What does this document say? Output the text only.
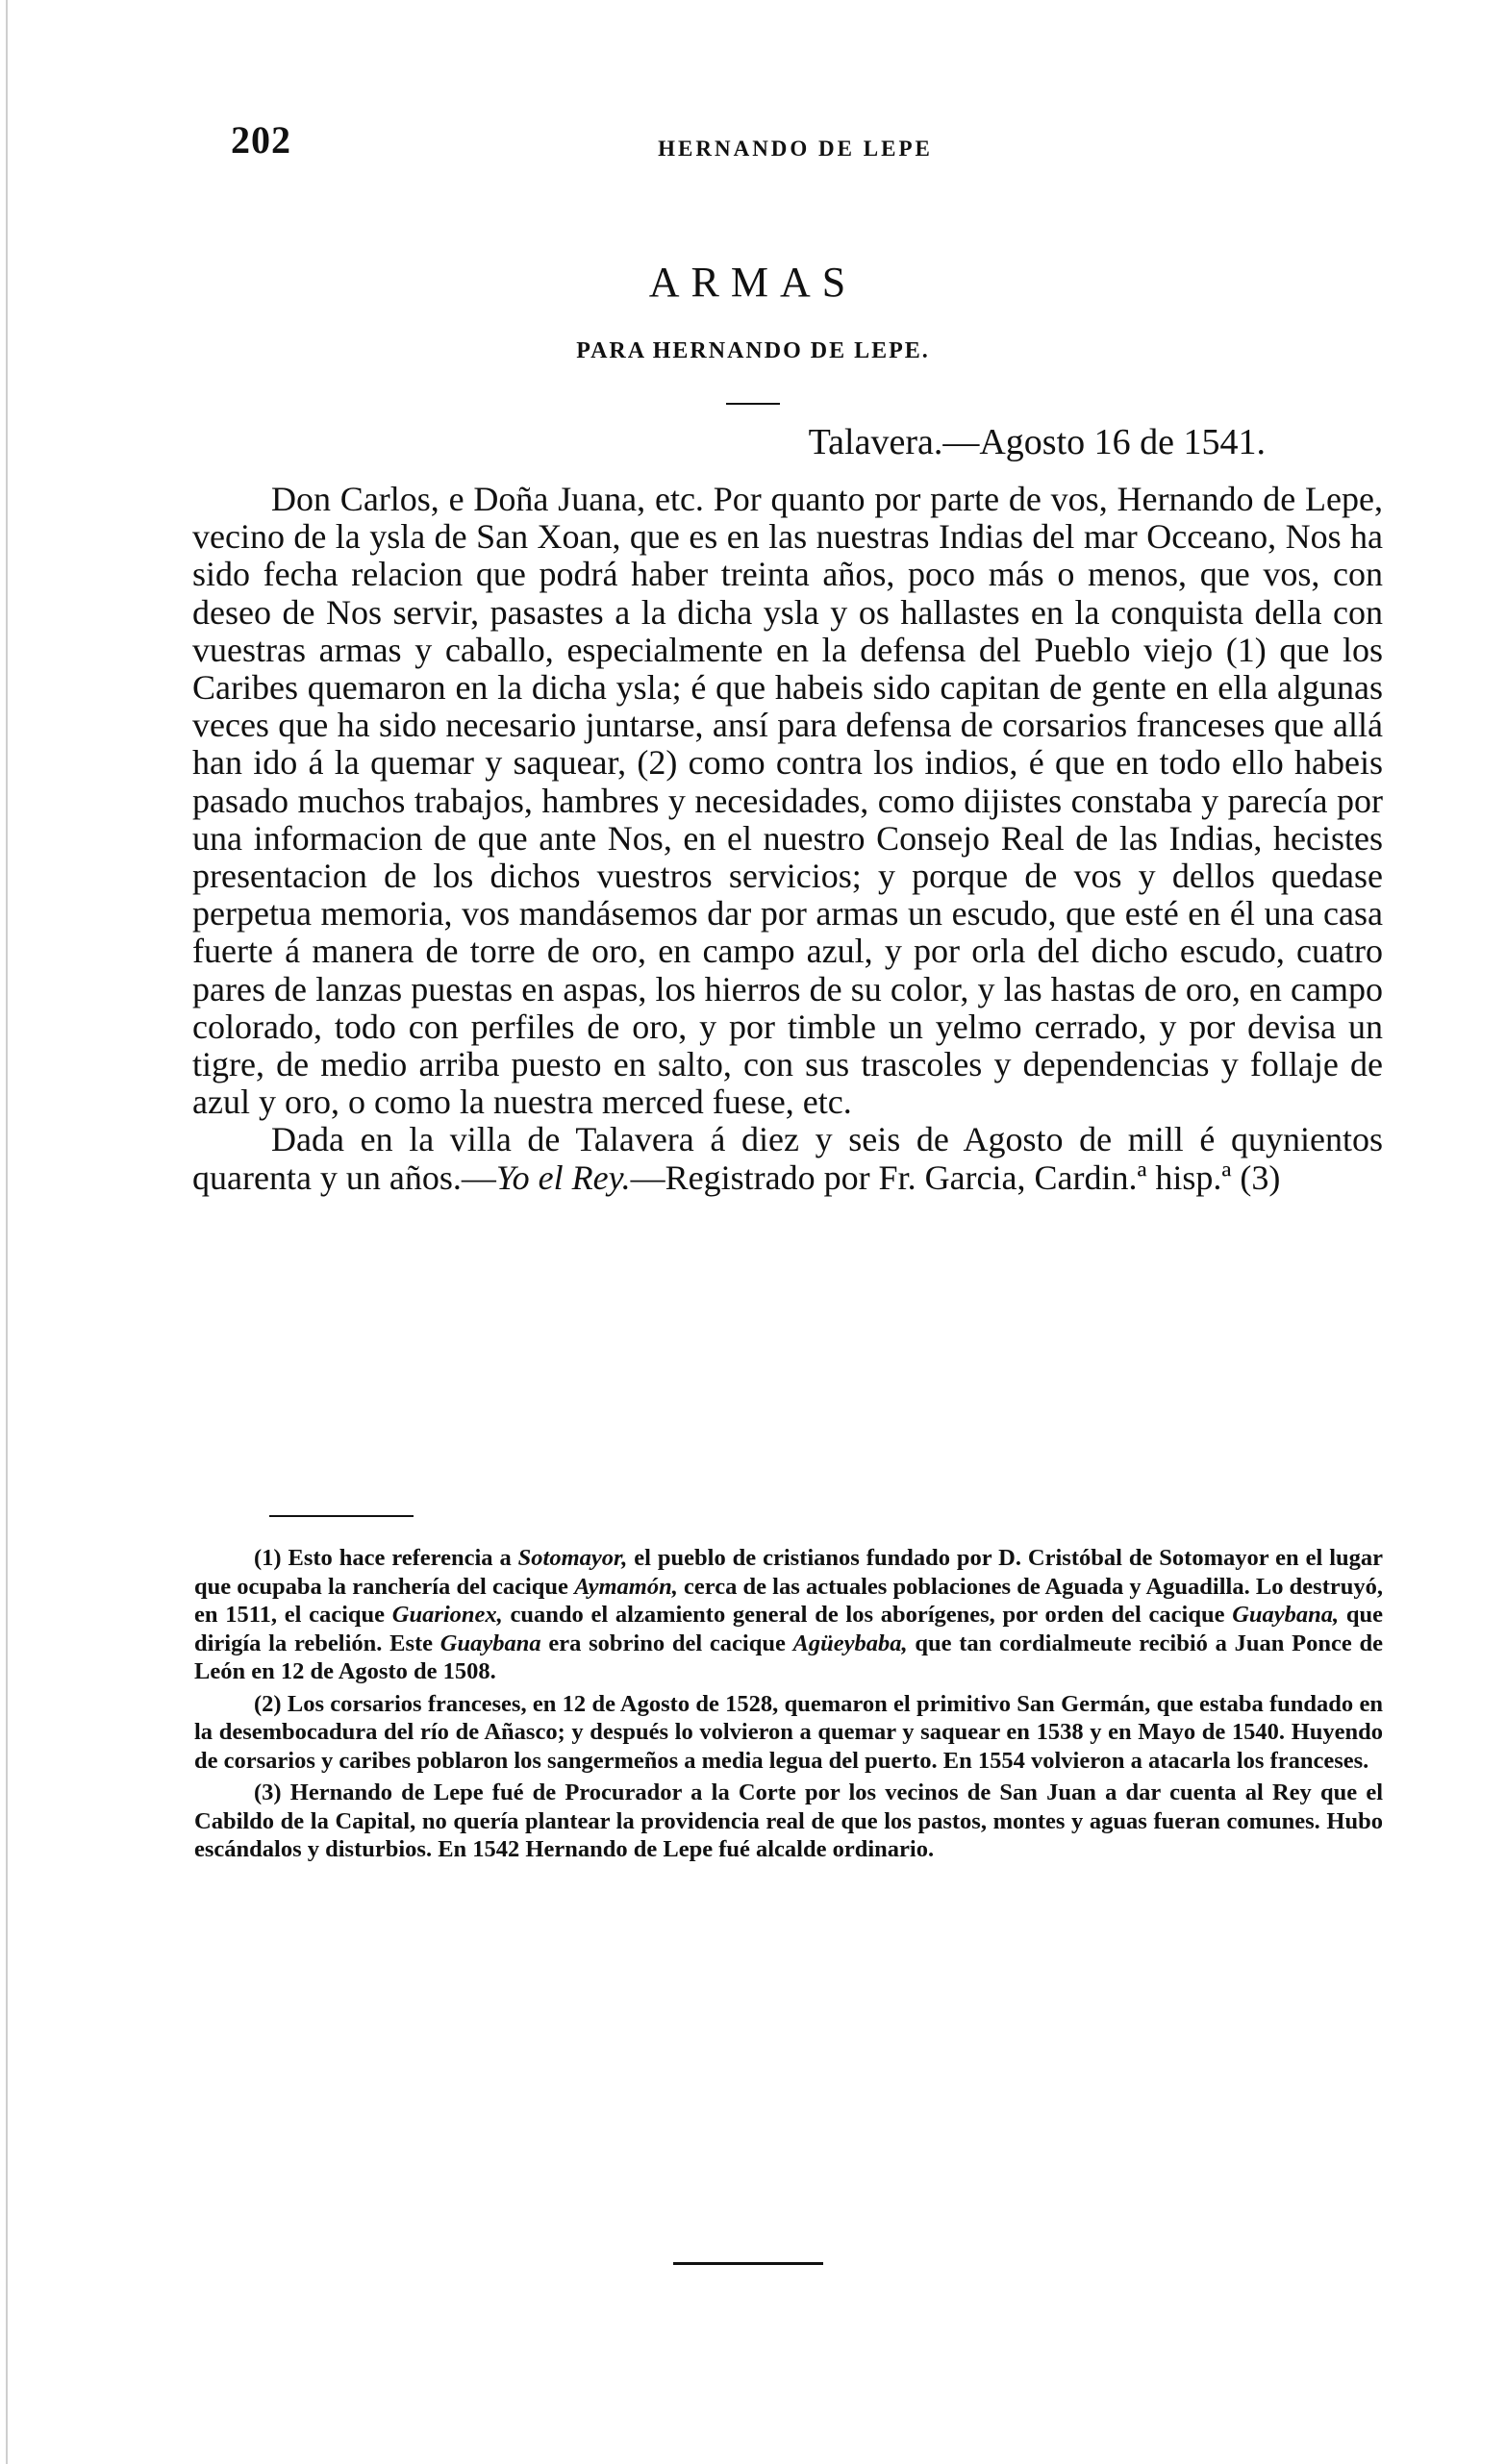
202	HERNANDO DE LEPE
ARMAS
PARA HERNANDO DE LEPE.
Talavera.—Agosto 16 de 1541.

Don Carlos, e Doña Juana, etc. Por quanto por parte de vos, Hernando de Lepe, vecino de la ysla de San Xoan, que es en las nuestras Indias del mar Occeano, Nos ha sido fecha relacion que podrá haber treinta años, poco más o menos, que vos, con deseo de Nos servir, pasastes a la dicha ysla y os hallastes en la conquista della con vuestras armas y caballo, especialmente en la defensa del Pueblo viejo (1) que los Caribes quemaron en la dicha ysla; é que habeis sido capitan de gente en ella algunas veces que ha sido necesario juntarse, ansí para defensa de corsarios franceses que allá han ido á la quemar y saquear, (2) como contra los indios, é que en todo ello habeis pasado muchos trabajos, hambres y necesidades, como dijistes constaba y parecía por una informacion de que ante Nos, en el nuestro Consejo Real de las Indias, hecistes presentacion de los dichos vuestros servicios; y porque de vos y dellos quedase perpetua memoria, vos mandásemos dar por armas un escudo, que esté en él una casa fuerte á manera de torre de oro, en campo azul, y por orla del dicho escudo, cuatro pares de lanzas puestas en aspas, los hierros de su color, y las hastas de oro, en campo colorado, todo con perfiles de oro, y por timble un yelmo cerrado, y por devisa un tigre, de medio arriba puesto en salto, con sus trascoles y dependencias y follaje de azul y oro, o como la nuestra merced fuese, etc.

Dada en la villa de Talavera á diez y seis de Agosto de mill é quynientos quarenta y un años.—Yo el Rey.—Registrado por Fr. Garcia, Cardin.ª hisp.ª (3)

(1) Esto hace referencia a Sotomayor, el pueblo de cristianos fundado por D. Cristóbal de Sotomayor en el lugar que ocupaba la ranchería del cacique Aymamón, cerca de las actuales poblaciones de Aguada y Aguadilla. Lo destruyó, en 1511, el cacique Guarionex, cuando el alzamiento general de los aborígenes, por orden del cacique Guaybana, que dirigía la rebelión. Este Guaybana era sobrino del cacique Agüeybaba, que tan cordialmeute recibió a Juan Ponce de León en 12 de Agosto de 1508.

(2) Los corsarios franceses, en 12 de Agosto de 1528, quemaron el primitivo San Germán, que estaba fundado en la desembocadura del río de Añasco; y después lo volvieron a quemar y saquear en 1538 y en Mayo de 1540. Huyendo de corsarios y caribes poblaron los sangermeños a media legua del puerto. En 1554 volvieron a atacarla los franceses.

(3) Hernando de Lepe fué de Procurador a la Corte por los vecinos de San Juan a dar cuenta al Rey que el Cabildo de la Capital, no quería plantear la providencia real de que los pastos, montes y aguas fueran comunes. Hubo escándalos y disturbios. En 1542 Hernando de Lepe fué alcalde ordinario.
